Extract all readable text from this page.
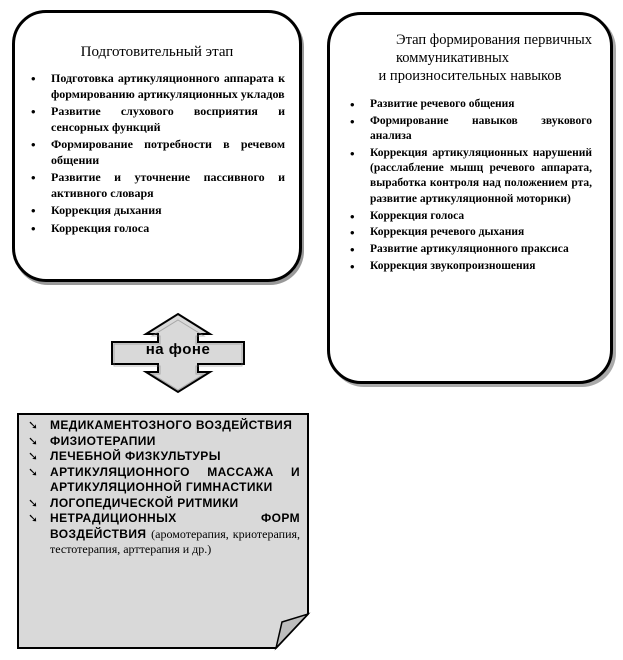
Подготовительный этап
• Подготовка артикуляционного аппарата к формированию артикуляционных укладов
• Развитие слухового восприятия и сенсорных функций
• Формирование потребности в речевом общении
• Развитие и уточнение пассивного и активного словаря
• Коррекция дыхания
• Коррекция голоса
Этап формирования первичных коммуникативных
и произносительных навыков
• Развитие речевого общения
• Формирование навыков звукового анализа
• Коррекция артикуляционных нарушений (расслабление мышц речевого аппарата, выработка контроля над положением рта, развитие артикуляционной моторики)
• Коррекция голоса
• Коррекция речевого дыхания
• Развитие артикуляционного праксиса
• Коррекция звукопроизношения
на фоне
➘ МЕДИКАМЕНТОЗНОГО ВОЗДЕЙСТВИЯ
➘ ФИЗИОТЕРАПИИ
➘ ЛЕЧЕБНОЙ ФИЗКУЛЬТУРЫ
➘ АРТИКУЛЯЦИОННОГО МАССАЖА И АРТИКУЛЯЦИОННОЙ ГИМНАСТИКИ
➘ ЛОГОПЕДИЧЕСКОЙ РИТМИКИ
➘ НЕТРАДИЦИОННЫХ ФОРМ ВОЗДЕЙСТВИЯ (аромотерапия, криотерапия, тестотерапия, арттерапия и др.)
